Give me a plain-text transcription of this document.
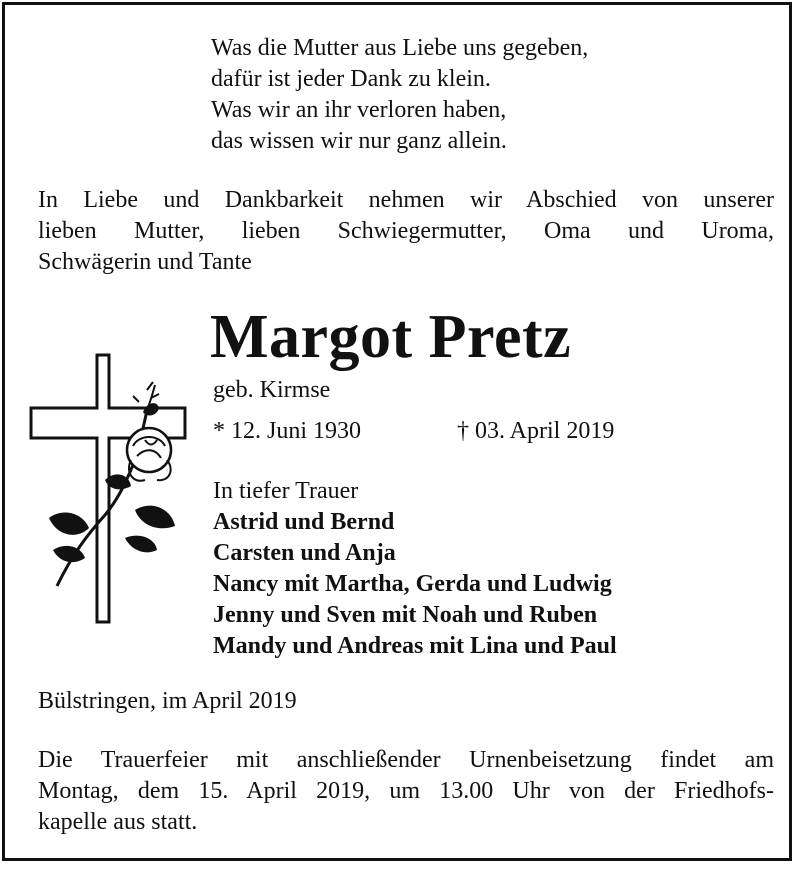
Was die Mutter aus Liebe uns gegeben,
dafür ist jeder Dank zu klein.
Was wir an ihr verloren haben,
das wissen wir nur ganz allein.
In Liebe und Dankbarkeit nehmen wir Abschied von unserer
lieben Mutter, lieben Schwiegermutter, Oma und Uroma,
Schwägerin und Tante
Margot Pretz
geb. Kirmse
* 12. Juni 1930	† 03. April 2019
In tiefer Trauer
Astrid und Bernd
Carsten und Anja
Nancy mit Martha, Gerda und Ludwig
Jenny und Sven mit Noah und Ruben
Mandy und Andreas mit Lina und Paul
Bülstringen, im April 2019
Die Trauerfeier mit anschließender Urnenbeisetzung findet am
Montag, dem 15. April 2019, um 13.00 Uhr von der Friedhofs-
kapelle aus statt.
